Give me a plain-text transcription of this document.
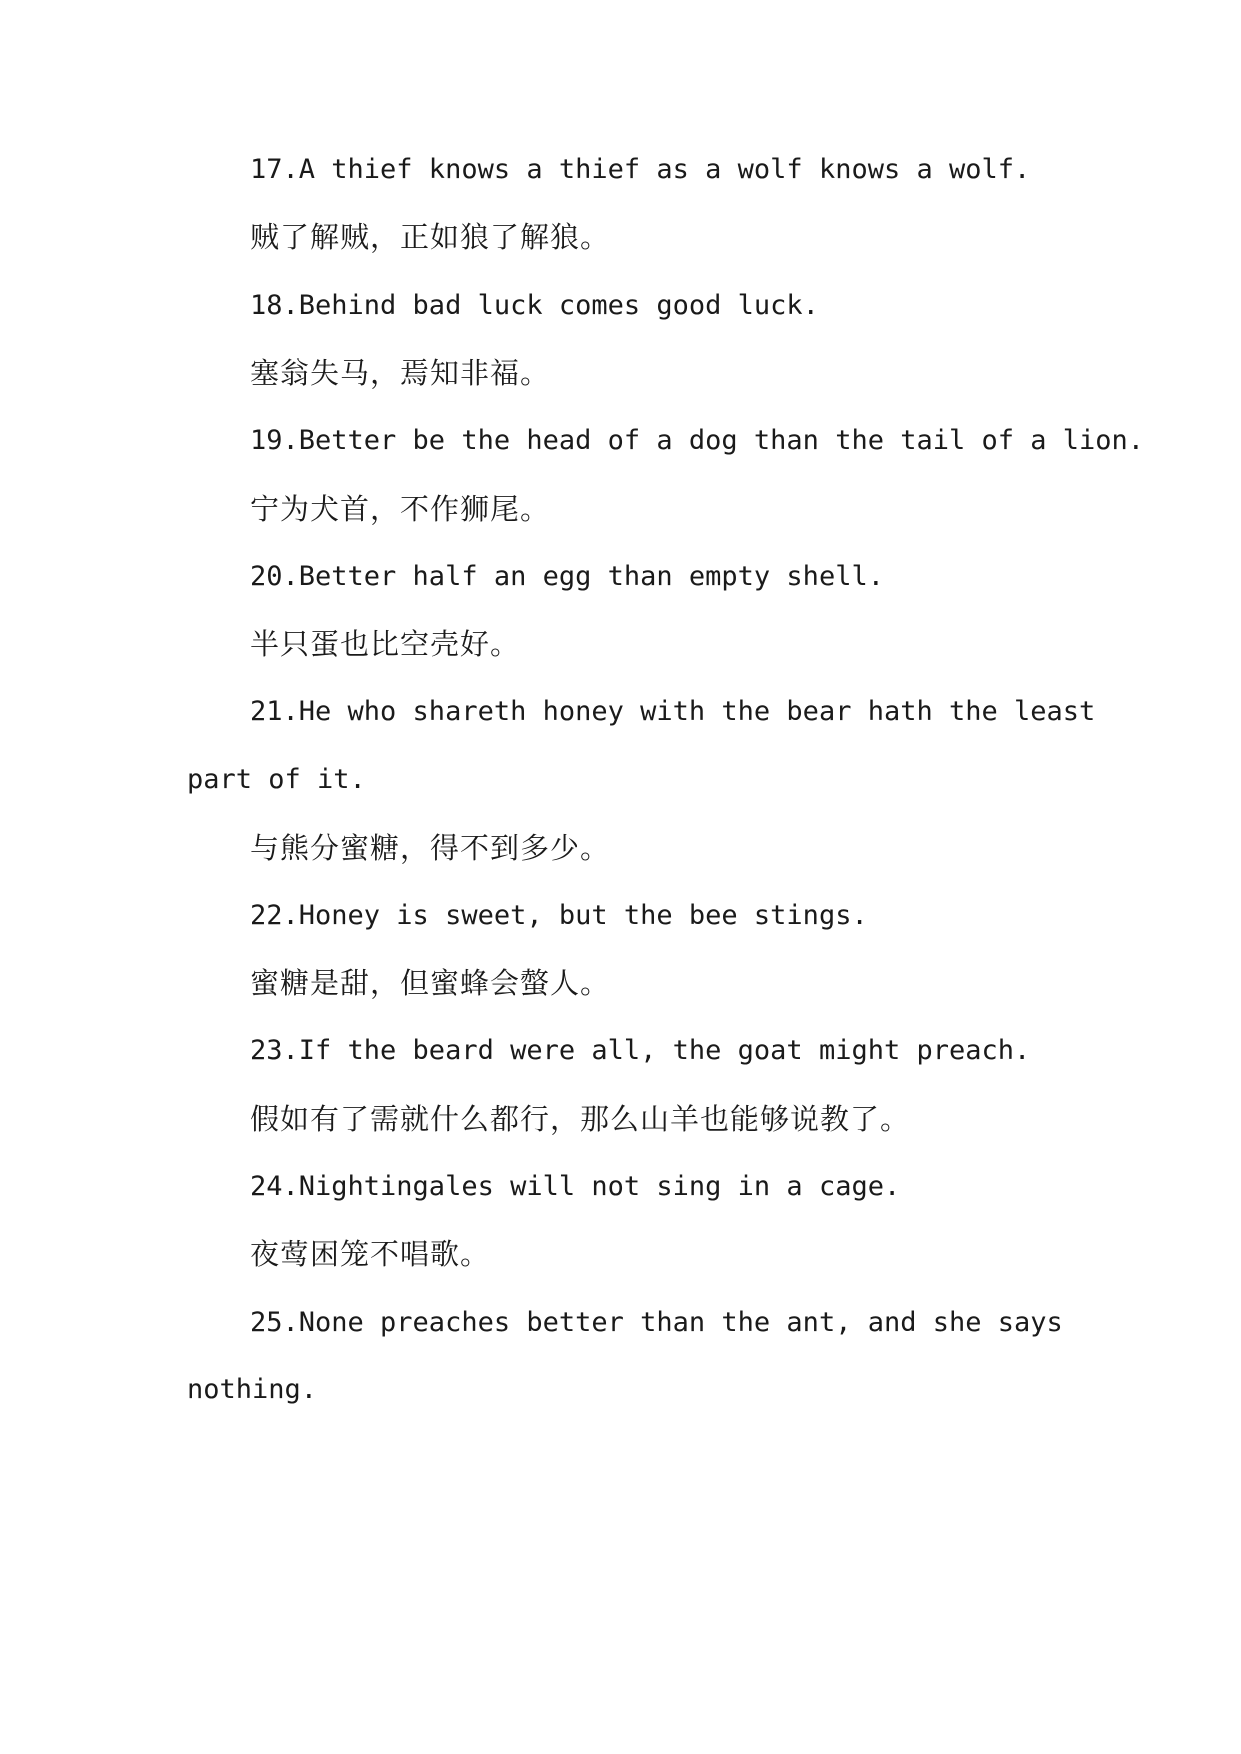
17.A thief knows a thief as a wolf knows a wolf.
贼了解贼，正如狼了解狼。
18.Behind bad luck comes good luck.
塞翁失马，焉知非福。
19.Better be the head of a dog than the tail of a lion.
宁为犬首，不作狮尾。
20.Better half an egg than empty shell.
半只蛋也比空壳好。
21.He who shareth honey with the bear hath the least
part of it.
与熊分蜜糖，得不到多少。
22.Honey is sweet, but the bee stings.
蜜糖是甜，但蜜蜂会螫人。
23.If the beard were all, the goat might preach.
假如有了需就什么都行，那么山羊也能够说教了。
24.Nightingales will not sing in a cage.
夜莺困笼不唱歌。
25.None preaches better than the ant, and she says
nothing.
